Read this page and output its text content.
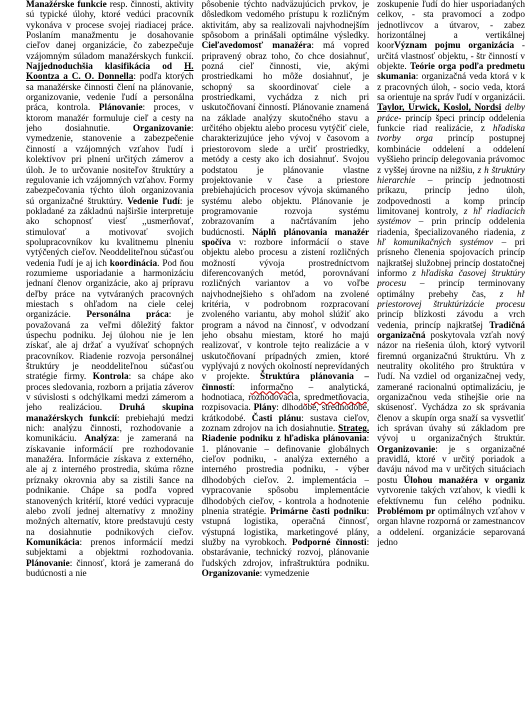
Manažérske funkcie resp. činnosti, aktivity sú typické úlohy, ktoré vedúci pracovník vykonáva v procese svojej riadiacej práce. Poslaním manažmentu je dosahovanie cieľov danej organizácie, čo zabezpečuje vzájomným súladom manažérskych funkcií. Najjednoduchšia klasifikácia od H. Koontza a C. O. Donnella: podľa ktorých sa manažérske činnosti člení na plánovanie, organizovanie, vedenie ľudí a personálna práca, kontrola. Plánovanie: proces, v ktorom manažér formuluje cieľ a cesty na jeho dosiahnutie. Organizovanie: vymedzenie, stanovenie a zabezpečenie činností a vzájomných vzťahov ľudí i kolektívov pri plnení určitých zámerov a úloh. Je to určovanie nositeľov štruktúry a regulovanie ich vzájomných vzťahov. Formy zabezpečovania týchto úloh organizovania sú organizačné štruktúry. Vedenie ľudí: je pokladané za základnú najširšie interpretuje ako schopnosť viesť ,,usmerňovať, stimulovať a motivovať svojich spolupracovníkov ku kvalitnemu plneniu vytýčených cieľov. Neoddeliteľnou súčasťou vedenia ľudí je aj ich koordinácia. Pod ňou rozumieme usporiadanie a harmonizáciu jednaní členov organizácie, ako aj prípravu deľby práce na vytváraných pracovných miestach s ohľadom na ciele celej organizácie. Personálna práca: je považovaná za veľmi dôležitý faktor úspechu podniku. Jej úlohou nie je len získať, ale aj držať a využívať schopných pracovníkov. Riadenie rozvoja personálnej štruktúry je neoddeliteľnou súčasťou stratégie firmy. Kontrola: sa chápe ako proces sledovania, rozborn a prijatia záverov v súvislosti s odchýlkami medzi zámerom a jeho realizáciou. Druhá skupina manažérskych funkcií: prebiehajú medzi nich: analýzu činnosti, rozhodovanie a komunikáciu. Analýza: je zameraná na získavanie informácií pre rozhodovanie manažéra. Informácie získava z externého, ale aj z interného prostredia, skúma rôzne príznaky okrovnia aby sa zistili šance na podnikanie. Chápe sa podľa vopred stanovených kritérií, ktoré vedúci vypracuje alebo zvolí jednej alternatívy z množiny možných alternatív, ktore predstavujú cesty na dosiahnutie podnikových cieľov. Komunikácia: prenos informácií medzi subjektami a objektmi rozhodovania. Plánovanie: činnosť, ktorá je zameraná do budúcnosti a nie

pôsobenie týchto nadväzujúcich prvkov, je dôsledkom vedomého prístupu k rozličným aktivitám, aby sa realizovali najvhodnejším spôsobom a prinášali optimálne výsledky. Cieľavedomosť manažéra: má vopred pripravený obraz toho, čo chce dosiahnuť, pozná cieľ činnosti, vie, akými prostriedkami ho môže dosiahnuť, je schopný sa skoordinovať ciele a prostriedkami, vychádza z nich pri uskutočňovaní činností. Plánovanie znamená na základe analýzy skutočného stavu a určitého objektu alebo procesu vytýčiť ciele, charakterizujúce jeho vývoj v časovom a priestorovom slede a určiť prostriedky, metódy a cesty ako ich dosiahnuť. Svojou podstatou je plánovanie vlastne projektovanie v čase a priestore prebiehajúcich procesov vývoja skúmaného systému alebo objektu. Plánovanie je programovanie rozvoja systému zobrazovaním a načrtávaním jeho budúcnosti. Náplň plánovania manažér spočíva v: rozbore informácií o stave objektu alebo procesu a zistení rozličných možností vývoja prostredníctvom diferencovaných metód, porovnávaní rozličných variantov a vo voľbe najvhodnejšieho s ohľadom na zvolené kritéria, v podrobnom rozpracovaní zvoleného variantu, aby mohol slúžiť ako program a návod na činnosť, v odvodzaní jeho obsahu miestam, ktoré ho majú realizovať, v kontrole tejto realizácie a v uskutočňovaní prípadných zmien, ktoré vyplývajú z nových okolností neprevídaných v projekte. Štruktúra plánovania – činností: informačno – analytická, hodnotiaca, rozhodovacia, spredmetňovacia, rozpisovacia. Plány: dlhodobé, strednodobé, krátkodobé. Časti plánu: sustava cieľov, zoznam zdrojov na ich dosiahnutie. Strateg. Riadenie podniku z hľadiska plánovania: 1. plánovanie – definovanie globálnych cieľov podniku, - analýza externého a interného prostredia podniku, - výber dlhodobých cieľov. 2. implementácia – vypracovanie spôsobu implementácie dlhodobých cieľov, - kontrola a hodnotenie plnenia stratégie. Primárne časti podniku: vstupná logistika, operačná činnosť, výstupná logistika, marketingové plány, služby na vyrobkoch. Podporné činnosti: obstarávanie, technický rozvoj, plánovanie ľudských zdrojov, infraštruktúra podniku. Organizovanie: vymedzenie

zoskupenie ľudí do hier usporiadaných celkov, - sta pravomocí a zodpo jednotlivcov a útvarov, - zabez horizontálnej a vertikálnej koorVýznam pojmu organizácia - určitá vlastnosť objektu, - štr činností v objekte. Teórie orga podľa predmetu skumania: organizačná veda ktorá v k z pracovných úloh, - socio veda, ktorá sa orientuje na správ ľudí v organizácii. Taylor, Urwick, Koslol, Nordsi delby práce- princíp špeci princíp oddelenia funkcie riad realizácie, z hľadiska tvorby orga princíp postupnej kombinácie oddelení a oddelení vyššieho princíp delegovania právomoc z vyššej úrovne na nižšiu, z h štruktúry hierarchie – princíp jednotnosti príkazu, princíp jedno úloh, zodpovednosti a komp princíp limitovanej kontroly, z hľ riadiacich systémov – prin princíp oddelenia riadenia, špecializovaného riadenia, z hľ komunikačných systémov – pri prísneho členenia spojovacích princíp najkratšej služobnej princíp dostatočnej informo z hľadiska časovej štruktúry procesu – princíp terminovany optimálny prebehy čas, z hľ priestorovej štruktúrizácie procesu princíp blízkosti závodu a vrch vedenia, princíp najkratšej Tradičná organizačná poskytovala vzťah nový názor na riešenia úloh, ktorý vytvoril firemnú organizačnú štruktúru. Vh z neutrality okolitého pro štruktúra v ľudí. Na vzdiel od organizačnej vedy, zamerané racionalnú optimalizáciu, je organizačnou veda stihejšie orie na skúsenosť. Vychádza zo sk správania členov a skupín orga snaží sa vysvetliť ich správan úvahy sú základom pre vývoj u organizačných štruktúr. Organizovanie: je s organizačné pravidlá, ktoré v určitý poriadok a daváju návod ma v určitých situáciach postu Úlohou manažéra v organiz vytvorenie takých vzťahov, k viedli k efektívnemu fun celého podniku. Problémom pr optimálnych vzťahov v organ hlavne rozporná or zamestnancov a oddelení. organizácie separovaná jedno
